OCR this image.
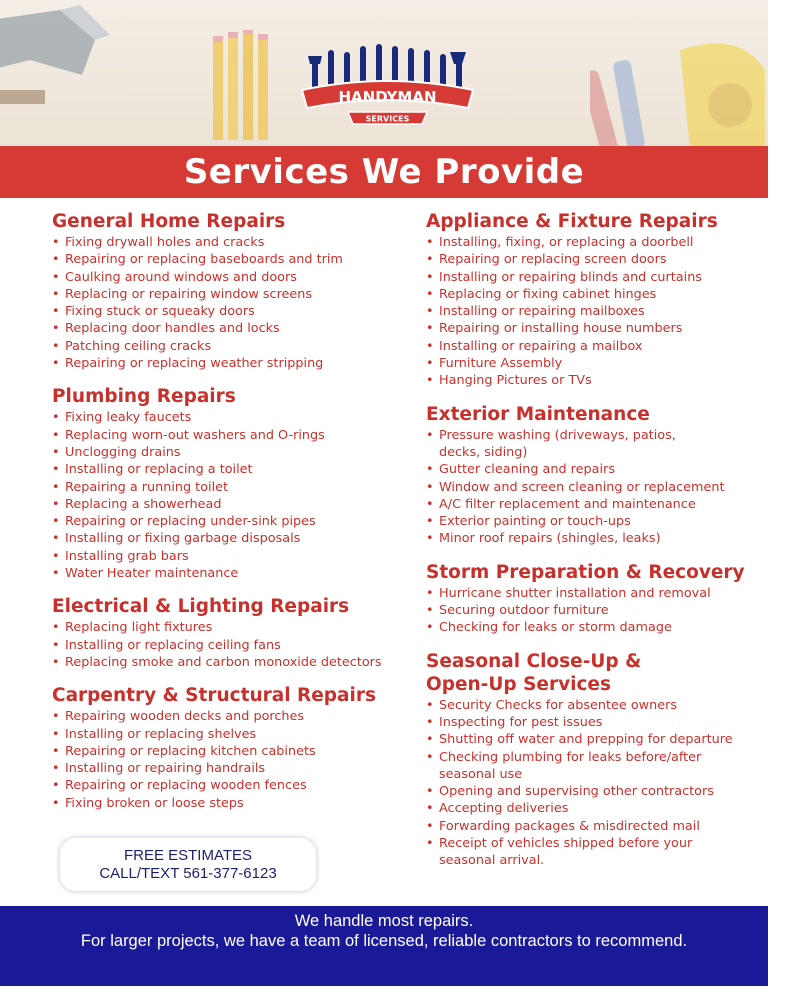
HANDYMAN
SERVICES
Services We Provide
General Home Repairs
• Fixing drywall holes and cracks
• Repairing or replacing baseboards and trim
• Caulking around windows and doors
• Replacing or repairing window screens
• Fixing stuck or squeaky doors
• Replacing door handles and locks
• Patching ceiling cracks
• Repairing or replacing weather stripping
Plumbing Repairs
• Fixing leaky faucets
• Replacing worn-out washers and O-rings
• Unclogging drains
• Installing or replacing a toilet
• Repairing a running toilet
• Replacing a showerhead
• Repairing or replacing under-sink pipes
• Installing or fixing garbage disposals
• Installing grab bars
• Water Heater maintenance
Electrical & Lighting Repairs
• Replacing light fixtures
• Installing or replacing ceiling fans
• Replacing smoke and carbon monoxide detectors
Carpentry & Structural Repairs
• Repairing wooden decks and porches
• Installing or replacing shelves
• Repairing or replacing kitchen cabinets
• Installing or repairing handrails
• Repairing or replacing wooden fences
• Fixing broken or loose steps
Appliance & Fixture Repairs
• Installing, fixing, or replacing a doorbell
• Repairing or replacing screen doors
• Installing or repairing blinds and curtains
• Replacing or fixing cabinet hinges
• Installing or repairing mailboxes
• Repairing or installing house numbers
• Installing or repairing a mailbox
• Furniture Assembly
• Hanging Pictures or TVs
Exterior Maintenance
• Pressure washing (driveways, patios,
decks, siding)
• Gutter cleaning and repairs
• Window and screen cleaning or replacement
• A/C filter replacement and maintenance
• Exterior painting or touch-ups
• Minor roof repairs (shingles, leaks)
Storm Preparation & Recovery
• Hurricane shutter installation and removal
• Securing outdoor furniture
• Checking for leaks or storm damage
Seasonal Close-Up &
Open-Up Services
• Security Checks for absentee owners
• Inspecting for pest issues
• Shutting off water and prepping for departure
• Checking plumbing for leaks before/after
seasonal use
• Opening and supervising other contractors
• Accepting deliveries
• Forwarding packages & misdirected mail
• Receipt of vehicles shipped before your
seasonal arrival.
FREE ESTIMATES
CALL/TEXT 561-377-6123
We handle most repairs.
For larger projects, we have a team of licensed, reliable contractors to recommend.
